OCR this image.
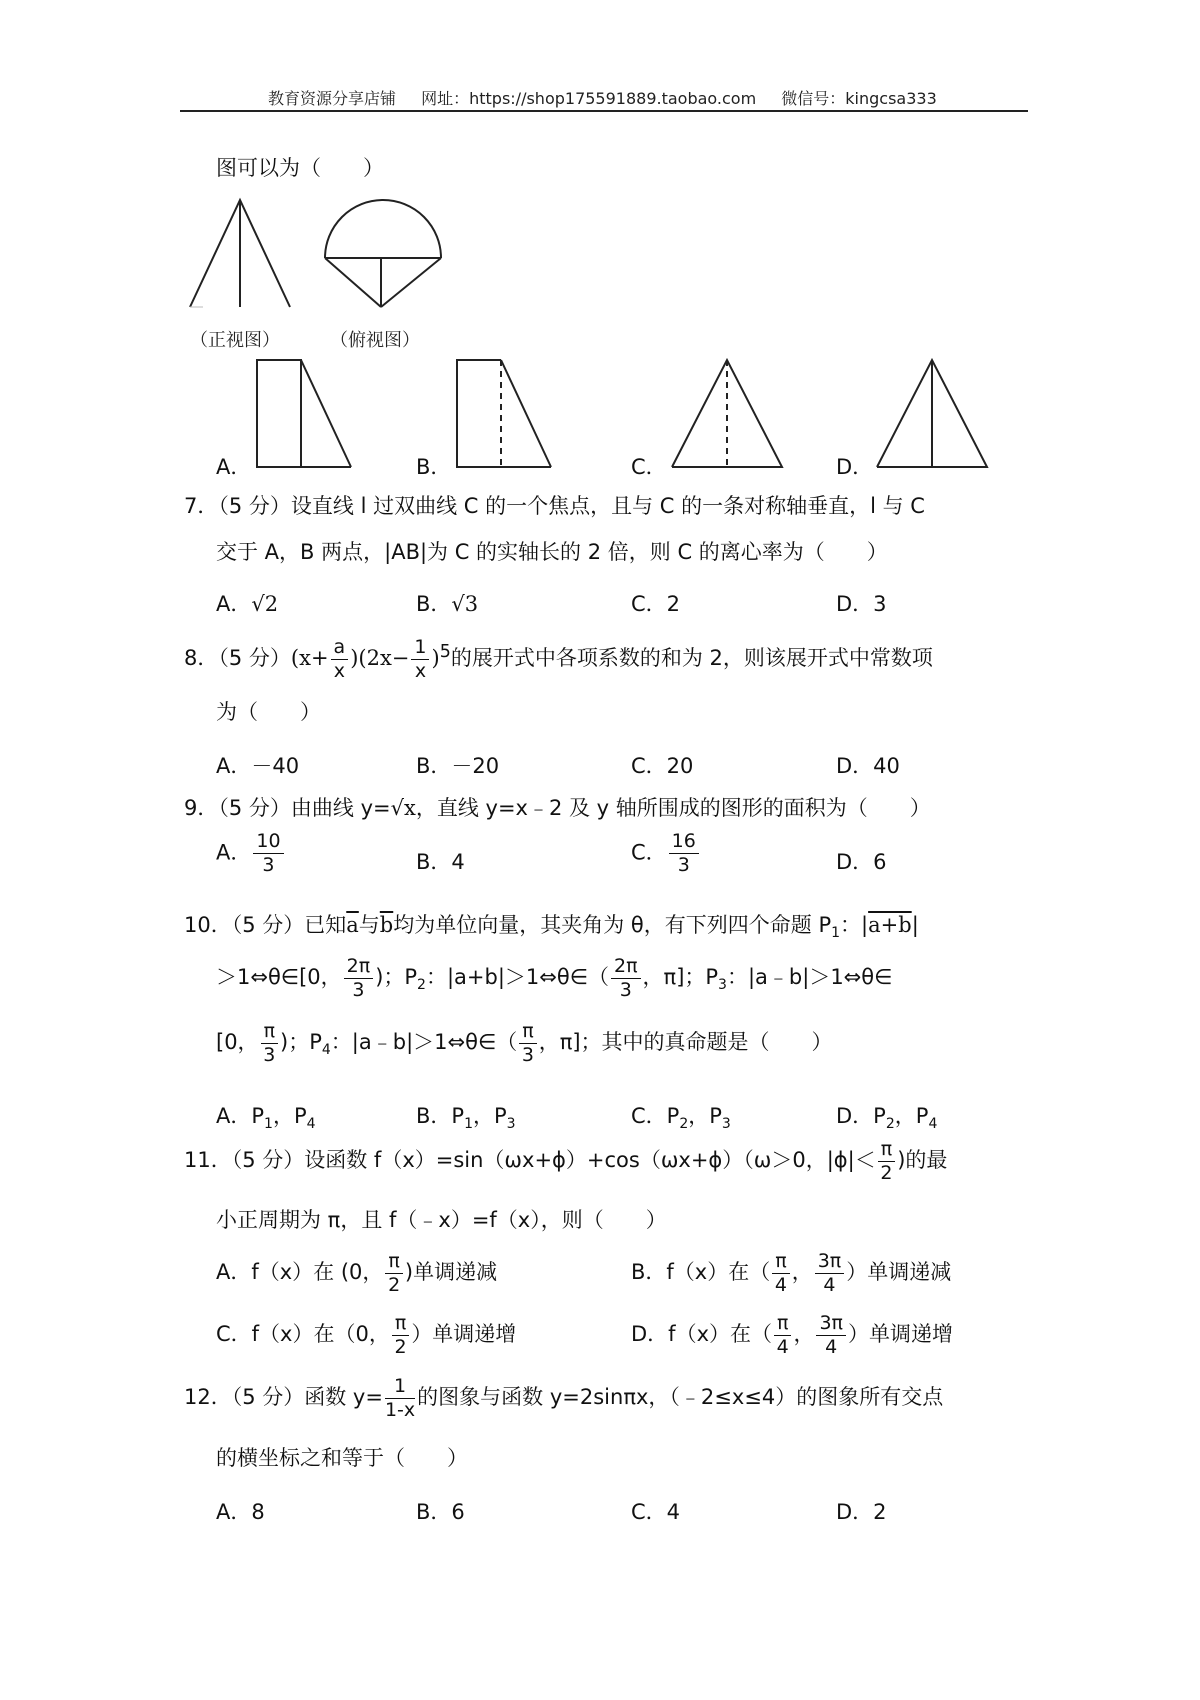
教育资源分享店铺 网址：https://shop175591889.taobao.com 微信号：kingcsa333
图可以为（　　）
（正视图）	（俯视图）
A．	B．	C．	D．
7．（5 分）设直线 l 过双曲线 C 的一个焦点，且与 C 的一条对称轴垂直，l 与 C
交于 A，B 两点，|AB|为 C 的实轴长的 2 倍，则 C 的离心率为（　　）
A．√2	B．√3	C．2	D．3
8．（5 分）$(x+ \frac{a}{x} )(2x- \frac{1}{x} )^5$的展开式中各项系数的和为 2，则该展开式中常数项
为（　　）
A．－40	B．－20	C．20	D．40
9．（5 分）由曲线 y=√x，直线 y=x﹣2 及 y 轴所围成的图形的面积为（　　）
A． $\frac{10}{3}$	B．4	C． $\frac{16}{3}$	D．6
10．（5 分）已知$\overline{a}$与$\overline{b}$均为单位向量，其夹角为 θ，有下列四个命题 $P_1$：|a+b|
＞1⇔θ∈[0， $\frac{2\pi}{3}$ )；$P_2$：|a+b|＞1⇔θ∈（ $\frac{2\pi}{3}$ ，π]；$P_3$：|a﹣b|＞1⇔θ∈
[0， $\frac{\pi}{3}$ )；$P_4$：|a﹣b|＞1⇔θ∈（ $\frac{\pi}{3}$ ，π]；其中的真命题是（　　）
A．$P_1$，$P_4$	B．$P_1$，$P_3$	C．$P_2$，$P_3$	D．$P_2$，$P_4$
11．（5 分）设函数 f（x）=sin（ωx+ϕ）+cos（ωx+ϕ）（ω＞0，$|\phi|< \frac{\pi}{2}$ )的最
小正周期为 π，且 f（﹣x）=f（x），则（　　）
A．f（x）在 (0， $\frac{\pi}{2}$ )单调递减	B．f（x）在（ $\frac{\pi}{4}$ ， $\frac{3\pi}{4}$ ）单调递减
C．f（x）在（0， $\frac{\pi}{2}$ ）单调递增	D．f（x）在（ $\frac{\pi}{4}$ ， $\frac{3\pi}{4}$ ）单调递增
12．（5 分）函数 $y= \frac{1}{1-x}$ 的图象与函数 y=2sinπx，（﹣2≤x≤4）的图象所有交点
的横坐标之和等于（　　）
A．8	B．6	C．4	D．2
